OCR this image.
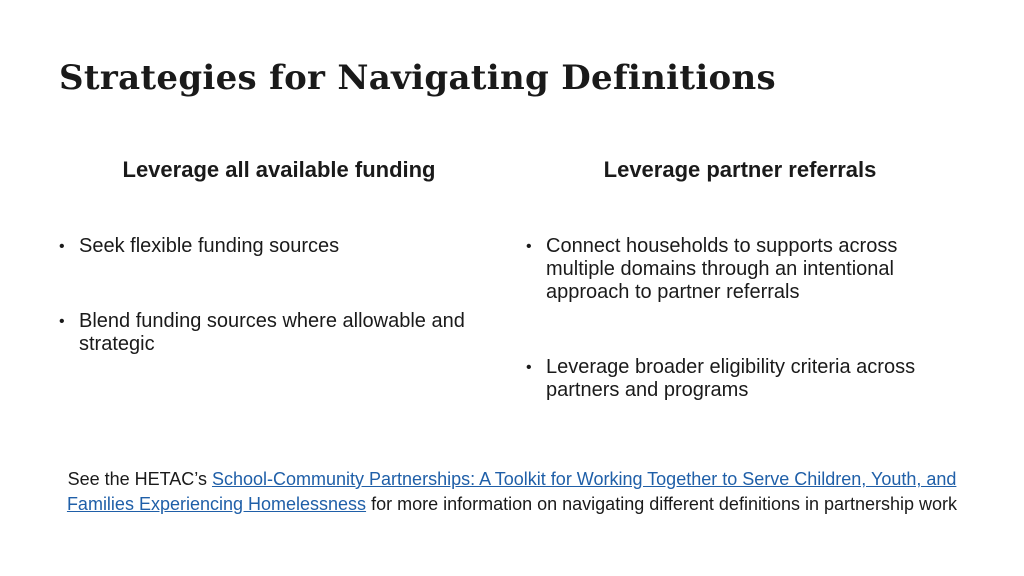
Strategies for Navigating Definitions
Leverage all available funding	Leverage partner referrals
• Seek flexible funding sources
• Blend funding sources where allowable and strategic
• Connect households to supports across multiple domains through an intentional approach to partner referrals
• Leverage broader eligibility criteria across partners and programs

See the HETAC’s School-Community Partnerships: A Toolkit for Working Together to Serve Children, Youth, and Families Experiencing Homelessness for more information on navigating different definitions in partnership work
